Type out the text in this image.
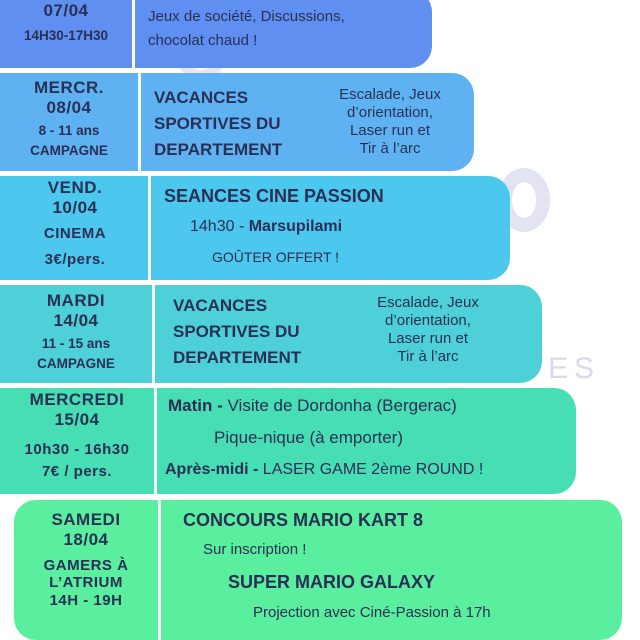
ES
07/04
14H30-17H30
Jeux de société, Discussions,
chocolat chaud !
MERCR.
08/04
8 - 11 ans
CAMPAGNE
VACANCES
SPORTIVES DU
DEPARTEMENT
Escalade, Jeux
d’orientation,
Laser run et
Tir à l’arc
VEND.
10/04
CINEMA
3€/pers.
SEANCES CINE PASSION
14h30 - Marsupilami
GOÛTER OFFERT !
MARDI
14/04
11 - 15 ans
CAMPAGNE
VACANCES
SPORTIVES DU
DEPARTEMENT
Escalade, Jeux
d’orientation,
Laser run et
Tir à l’arc
MERCREDI
15/04
10h30 - 16h30
7€ / pers.
Matin - Visite de Dordonha (Bergerac)
Pique-nique (à emporter)
Après-midi - LASER GAME 2ème ROUND !
SAMEDI
18/04
GAMERS À
L’ATRIUM
14H - 19H
CONCOURS MARIO KART 8
Sur inscription !
SUPER MARIO GALAXY
Projection avec Ciné-Passion à 17h
